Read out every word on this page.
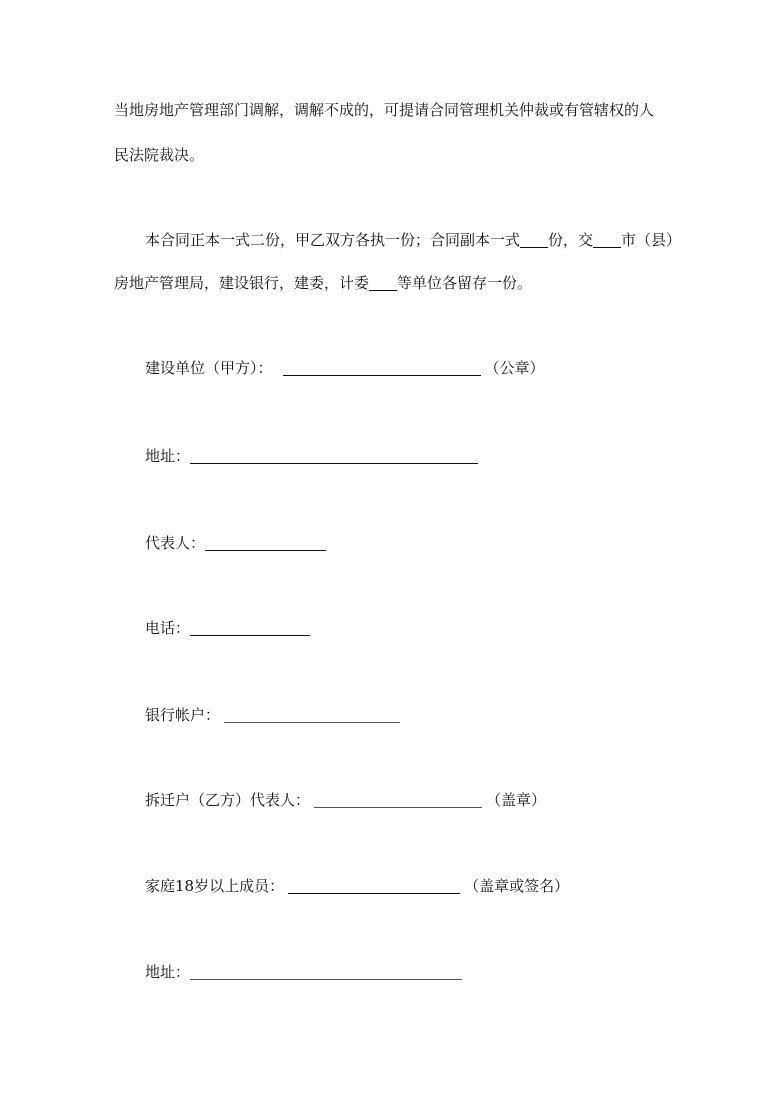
当地房地产管理部门调解，调解不成的，可提请合同管理机关仲裁或有管辖权的人
民法院裁决。
本合同正本一式二份，甲乙双方各执一份；合同副本一式 份，交 市（县）
房地产管理局，建设银行，建委，计委 等单位各留存一份。
建设单位（甲方）：	（公章）
地址：
代表人：
电话：
银行帐户：
拆迁户（乙方）代表人：	（盖章）
家庭18岁以上成员：	（盖章或签名）
地址：
